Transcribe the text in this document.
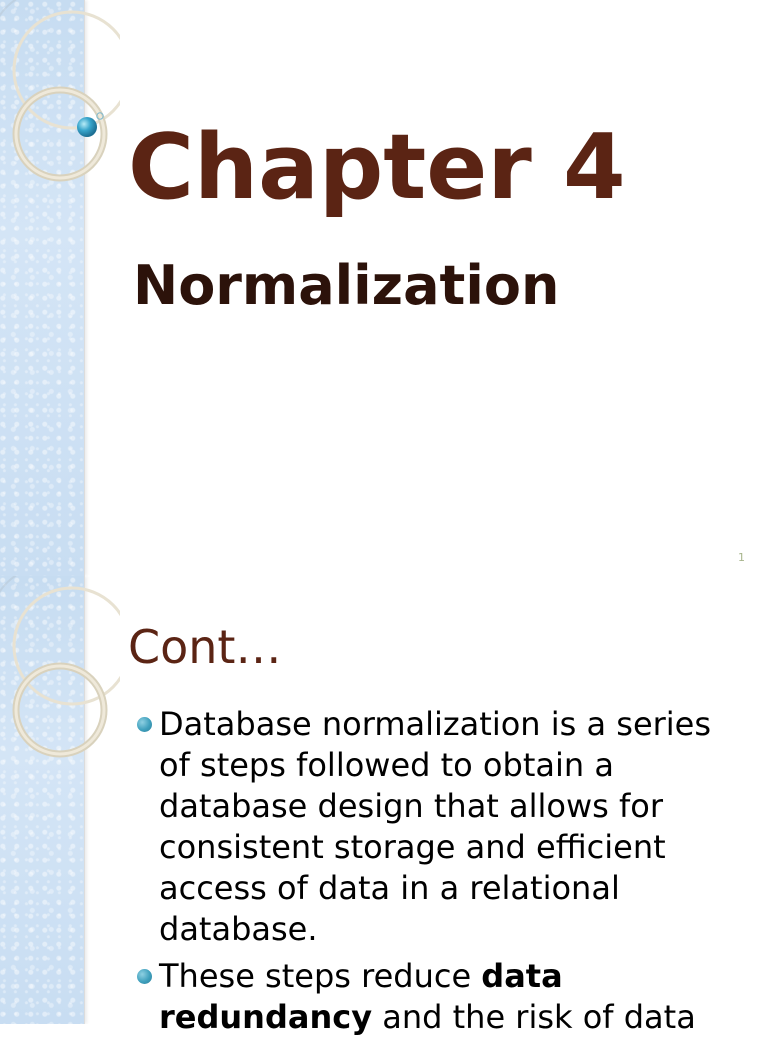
Chapter 4
Normalization
1
Cont…
Database normalization is a series of steps followed to obtain a database design that allows for consistent storage and efficient access of data in a relational database.
These steps reduce data redundancy and the risk of data
